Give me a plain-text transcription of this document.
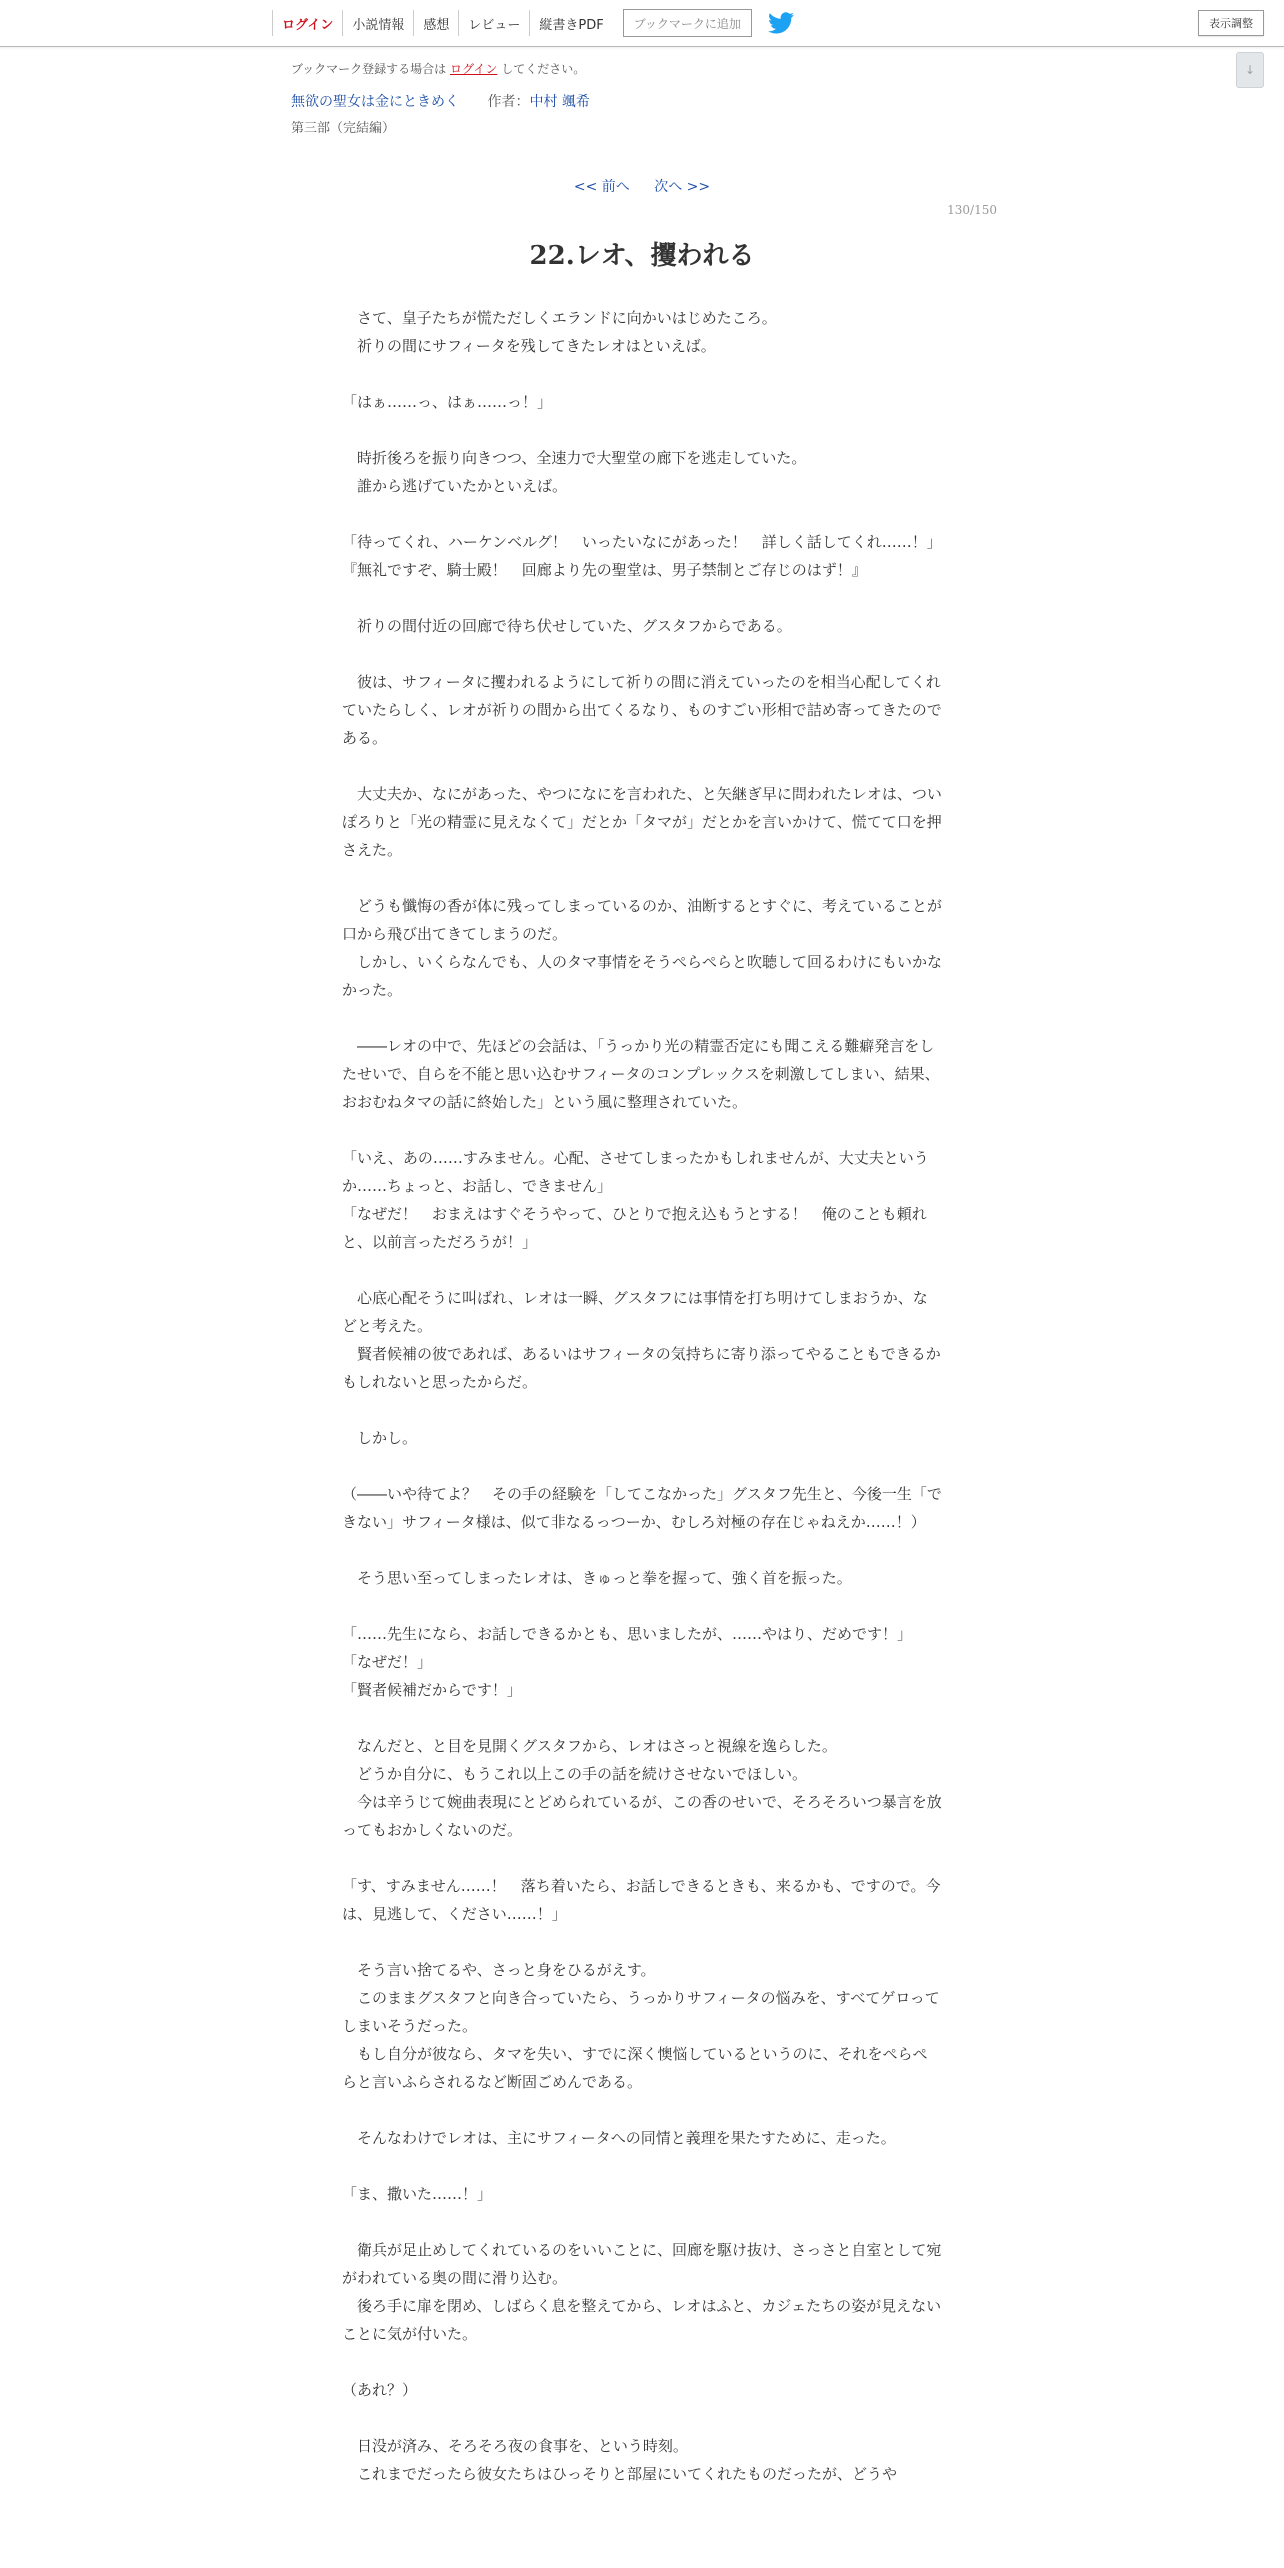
ログイン	小説情報	感想	レビュー	縦書きPDF	ブックマークに追加	表示調整
↓
ブックマーク登録する場合は ログイン してください。
無欲の聖女は金にときめく 作者：中村 颯希
第三部（完結編）
<< 前へ 次へ >>
130/150
22.レオ、攫われる

　さて、皇子たちが慌ただしくエランドに向かいはじめたころ。

　祈りの間にサフィータを残してきたレオはといえば。

「はぁ……っ、はぁ……っ！」

　時折後ろを振り向きつつ、全速力で大聖堂の廊下を逃走していた。

　誰から逃げていたかといえば。

「待ってくれ、ハーケンベルグ！　いったいなにがあった！　詳しく話してくれ……！」

『無礼ですぞ、騎士殿！　回廊より先の聖堂は、男子禁制とご存じのはず！』

　祈りの間付近の回廊で待ち伏せしていた、グスタフからである。

　彼は、サフィータに攫われるようにして祈りの間に消えていったのを相当心配してくれていたらしく、レオが祈りの間から出てくるなり、ものすごい形相で詰め寄ってきたのである。

　大丈夫か、なにがあった、やつになにを言われた、と矢継ぎ早に問われたレオは、ついぽろりと「光の精霊に見えなくて」だとか「タマが」だとかを言いかけて、慌てて口を押さえた。

　どうも懺悔の香が体に残ってしまっているのか、油断するとすぐに、考えていることが口から飛び出てきてしまうのだ。

　しかし、いくらなんでも、人のタマ事情をそうぺらぺらと吹聴して回るわけにもいかなかった。

　――レオの中で、先ほどの会話は、「うっかり光の精霊否定にも聞こえる難癖発言をしたせいで、自らを不能と思い込むサフィータのコンプレックスを刺激してしまい、結果、おおむねタマの話に終始した」という風に整理されていた。

「いえ、あの……すみません。心配、させてしまったかもしれませんが、大丈夫というか……ちょっと、お話し、できません」

「なぜだ！　おまえはすぐそうやって、ひとりで抱え込もうとする！　俺のことも頼れと、以前言っただろうが！」

　心底心配そうに叫ばれ、レオは一瞬、グスタフには事情を打ち明けてしまおうか、などと考えた。

　賢者候補の彼であれば、あるいはサフィータの気持ちに寄り添ってやることもできるかもしれないと思ったからだ。

　しかし。

（――いや待てよ？　その手の経験を「してこなかった」グスタフ先生と、今後一生「できない」サフィータ様は、似て非なるっつーか、むしろ対極の存在じゃねえか……！）

　そう思い至ってしまったレオは、きゅっと拳を握って、強く首を振った。

「……先生になら、お話しできるかとも、思いましたが、……やはり、だめです！」

「なぜだ！」

「賢者候補だからです！」

　なんだと、と目を見開くグスタフから、レオはさっと視線を逸らした。

　どうか自分に、もうこれ以上この手の話を続けさせないでほしい。

　今は辛うじて婉曲表現にとどめられているが、この香のせいで、そろそろいつ暴言を放ってもおかしくないのだ。

「す、すみません……！　落ち着いたら、お話しできるときも、来るかも、ですので。今は、見逃して、ください……！」

　そう言い捨てるや、さっと身をひるがえす。

　このままグスタフと向き合っていたら、うっかりサフィータの悩みを、すべてゲロってしまいそうだった。

　もし自分が彼なら、タマを失い、すでに深く懊悩しているというのに、それをぺらぺらと言いふらされるなど断固ごめんである。

　そんなわけでレオは、主にサフィータへの同情と義理を果たすために、走った。

「ま、撒いた……！」

　衛兵が足止めしてくれているのをいいことに、回廊を駆け抜け、さっさと自室として宛がわれている奥の間に滑り込む。

　後ろ手に扉を閉め、しばらく息を整えてから、レオはふと、カジェたちの姿が見えないことに気が付いた。

（あれ？）

　日没が済み、そろそろ夜の食事を、という時刻。

　これまでだったら彼女たちはひっそりと部屋にいてくれたものだったが、どうや
